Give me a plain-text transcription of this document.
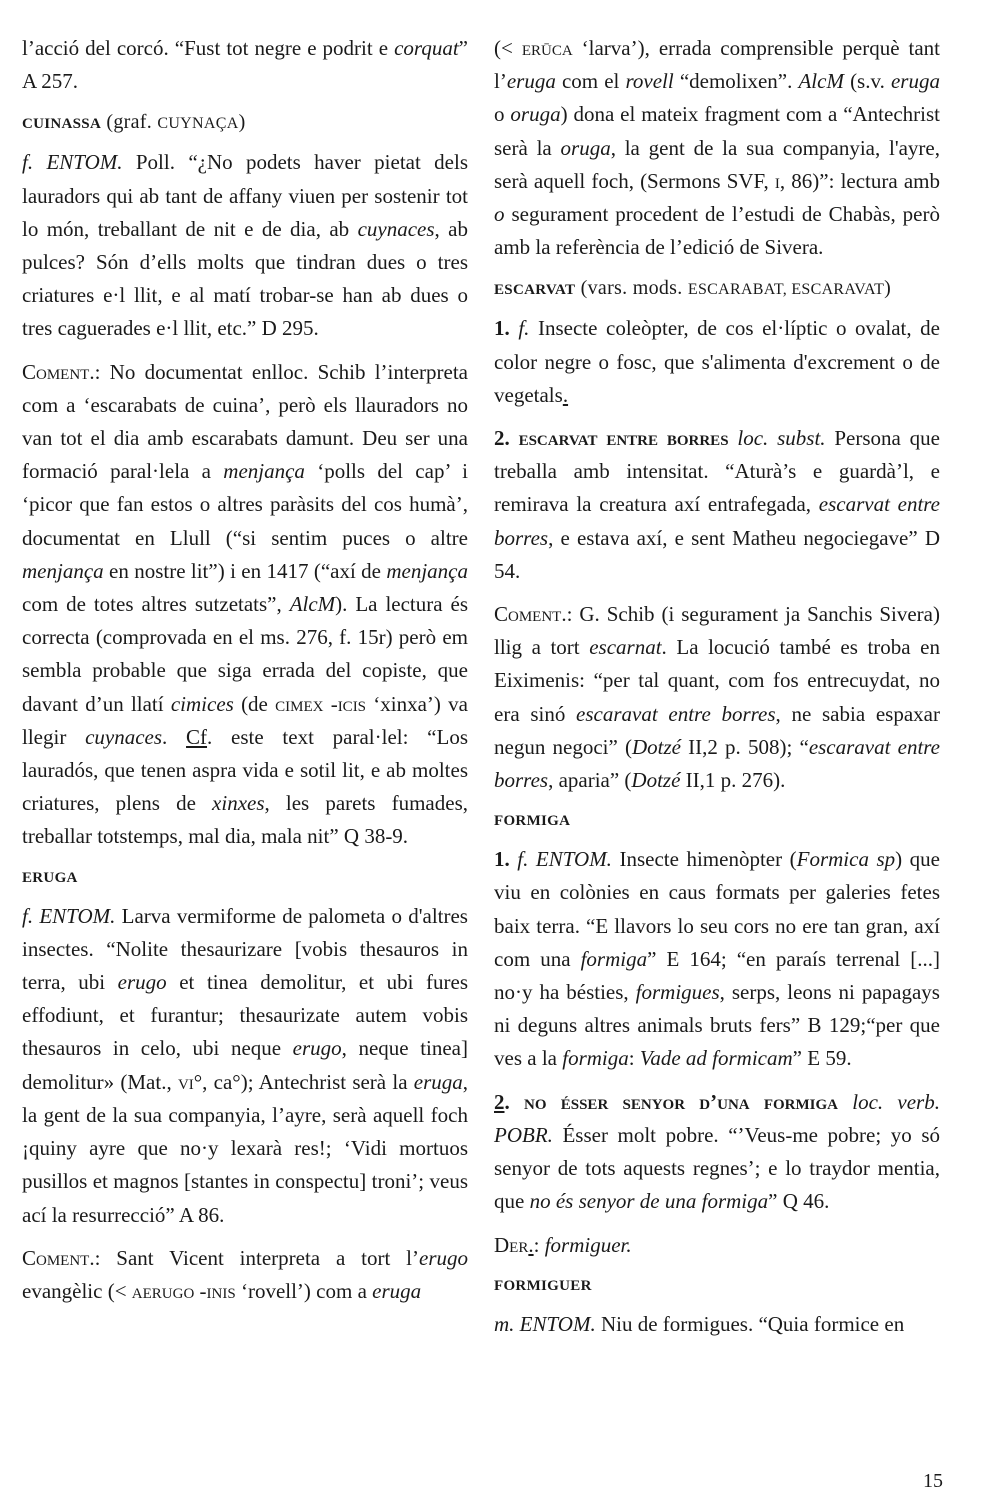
l’acció del corcó. “Fust tot negre e podrit e corquat” A 257.

CUINASSA (graf. CUYNAÇA)

f. ENTOM. Poll. “¿No podets haver pietat dels lauradors qui ab tant de affany viuen per sostenir tot lo món, treballant de nit e de dia, ab cuynaces, ab pulces? Són d’ells molts que tindran dues o tres criatures e·l llit, e al matí trobar-se han ab dues o tres caguerades e·l llit, etc.” D 295.

Coment.: No documentat enlloc. Schib l’interpreta com a ‘escarabats de cuina’, però els llauradors no van tot el dia amb escarabats damunt. Deu ser una formació paral·lela a menjança ‘polls del cap’ i ‘picor que fan estos o altres paràsits del cos humà’, documentat en Llull (“si sentim puces o altre menjança en nostre lit”) i en 1417 (“axí de menjança com de totes altres sutzetats”, AlcM). La lectura és correcta (comprovada en el ms. 276, f. 15r) però em sembla probable que siga errada del copiste, que davant d’un llatí cimices (de cimex -icis ‘xinxa’) va llegir cuynaces. Cf. este text paral·lel: “Los lauradós, que tenen aspra vida e sotil lit, e ab moltes criatures, plens de xinxes, les parets fumades, treballar totstemps, mal dia, mala nit” Q 38-9.

ERUGA

f. ENTOM. Larva vermiforme de palometa o d'altres insectes. “Nolite thesaurizare [vobis thesauros in terra, ubi erugo et tinea demolitur, et ubi fures effodiunt, et furantur; thesaurizate autem vobis thesauros in celo, ubi neque erugo, neque tinea] demolitur» (Mat., vi°, ca°); Antechrist serà la eruga, la gent de la sua companyia, l’ayre, serà aquell foch ¡quiny ayre que no·y lexarà res!; ‘Vidi mortuos pusillos et magnos [stantes in conspectu] troni’; veus ací la resurrecció” A 86.

Coment.: Sant Vicent interpreta a tort l’erugo evangèlic (< aerugo -inis ‘rovell’) com a eruga

(< erūca ‘larva’), errada comprensible perquè tant l’eruga com el rovell “demolixen”. AlcM (s.v. eruga o oruga) dona el mateix fragment com a “Antechrist serà la oruga, la gent de la sua companyia, l'ayre, serà aquell foch, (Sermons SVF, i, 86)”: lectura amb o segurament procedent de l’estudi de Chabàs, però amb la referència de l’edició de Sivera.

ESCARVAT (vars. mods. ESCARABAT, ESCARAVAT)

1. f. Insecte coleòpter, de cos el·líptic o ovalat, de color negre o fosc, que s'alimenta d'excrement o de vegetals.

2. escarvat entre borres loc. subst. Persona que treballa amb intensitat. “Aturà’s e guardà’l, e remirava la creatura axí entrafegada, escarvat entre borres, e estava axí, e sent Matheu negociegave” D 54.

Coment.: G. Schib (i segurament ja Sanchis Sivera) llig a tort escarnat. La locució també es troba en Eiximenis: “per tal quant, com fos entrecuydat, no era sinó escaravat entre borres, ne sabia espaxar negun negoci” (Dotzé II,2 p. 508); “escaravat entre borres, aparia” (Dotzé II,1 p. 276).

FORMIGA

1. f. ENTOM. Insecte himenòpter (Formica sp) que viu en colònies en caus formats per galeries fetes baix terra. “E llavors lo seu cors no ere tan gran, axí com una formiga” E 164; “en paraís terrenal [...] no·y ha bésties, formigues, serps, leons ni papagays ni deguns altres animals bruts fers” B 129;“per que ves a la formiga: Vade ad formicam” E 59.

2. no ésser senyor d’una formiga loc. verb. POBR. Ésser molt pobre. “’Veus-me pobre; yo só senyor de tots aquests regnes’; e lo traydor mentia, que no és senyor de una formiga” Q 46.

Der.: formiguer.

FORMIGUER

m. ENTOM. Niu de formigues. “Quia formice en

15
